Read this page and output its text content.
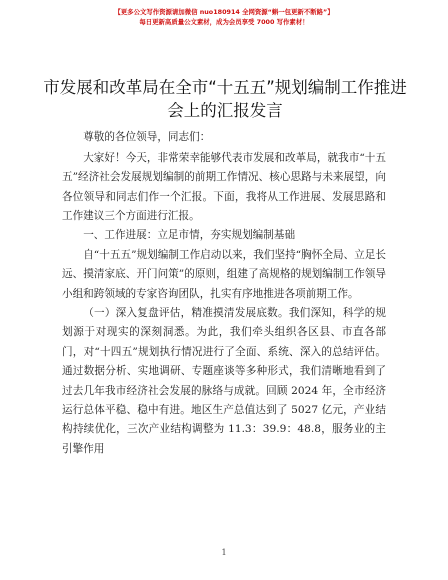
【更多公文写作资源请加微信 nuo180914 全网资源“蝌一包更新不断路”】
每日更新高质量公文素材，成为会员享受 7000 写作素材！
市发展和改革局在全市“十五五”规划编制工作推进会上的汇报发言

尊敬的各位领导，同志们：

大家好！今天，非常荣幸能够代表市发展和改革局，就我市“十五五”经济社会发展规划编制的前期工作情况、核心思路与未来展望，向各位领导和同志们作一个汇报。下面，我将从工作进展、发展思路和工作建议三个方面进行汇报。

一、工作进展：立足市情，夯实规划编制基础

自“十五五”规划编制工作启动以来，我们坚持“胸怀全局、立足长远、摸清家底、开门问策”的原则，组建了高规格的规划编制工作领导小组和跨领域的专家咨询团队，扎实有序地推进各项前期工作。

（一）深入复盘评估，精准摸清发展底数。我们深知，科学的规划源于对现实的深刻洞悉。为此，我们牵头组织各区县、市直各部门，对“十四五”规划执行情况进行了全面、系统、深入的总结评估。通过数据分析、实地调研、专题座谈等多种形式，我们清晰地看到了过去几年我市经济社会发展的脉络与成就。回顾 2024 年，全市经济运行总体平稳、稳中有进。地区生产总值达到了 5027 亿元，产业结构持续优化，三次产业结构调整为 11.3：39.9：48.8，服务业的主引擎作用

1
